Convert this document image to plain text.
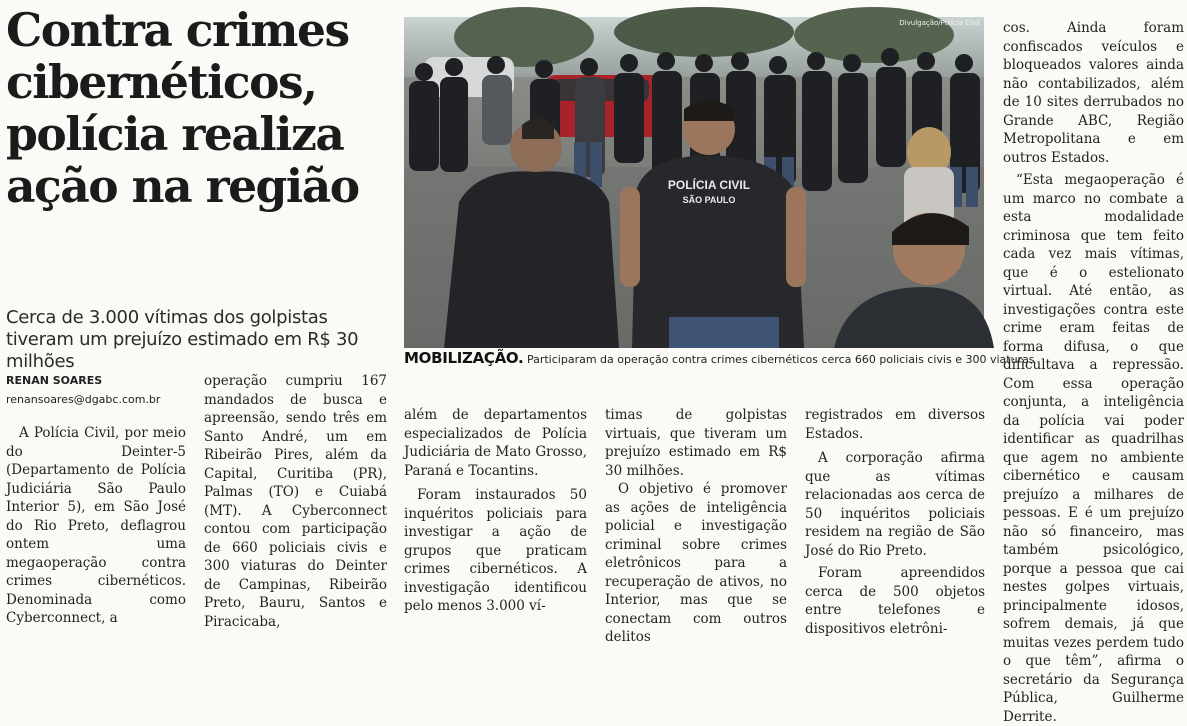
Contra crimes cibernéticos, polícia realiza ação na região

Cerca de 3.000 vítimas dos golpistas tiveram um prejuízo estimado em R$ 30 milhões

RENAN SOARES
renansoares@dgabc.com.br
POLÍCIA CIVIL
SÃO PAULO
Divulgação/Polícia Civil
MOBILIZAÇÃO. Participaram da operação contra crimes cibernéticos cerca 660 policiais civis e 300 viaturas

A Polícia Civil, por meio do Deinter-5 (Departamento de Polícia Judiciária São Paulo Interior 5), em São José do Rio Preto, deflagrou ontem uma megaoperação contra crimes cibernéticos. Denominada como Cyberconnect, a

operação cumpriu 167 mandados de busca e apreensão, sendo três em Santo André, um em Ribeirão Pires, além da Capital, Curitiba (PR), Palmas (TO) e Cuiabá (MT). A Cyberconnect contou com participação de 660 policiais civis e 300 viaturas do Deinter de Campinas, Ribeirão Preto, Bauru, Santos e Piracicaba,

além de departamentos especializados de Polícia Judiciária de Mato Grosso, Paraná e Tocantins.

Foram instaurados 50 inquéritos policiais para investigar a ação de grupos que praticam crimes cibernéticos. A investigação identificou pelo menos 3.000 ví-

timas de golpistas virtuais, que tiveram um prejuízo estimado em R$ 30 milhões.

O objetivo é promover as ações de inteligência policial e investigação criminal sobre crimes eletrônicos para a recuperação de ativos, no Interior, mas que se conectam com outros delitos

registrados em diversos Estados.

A corporação afirma que as vítimas relacionadas aos cerca de 50 inquéritos policiais residem na região de São José do Rio Preto.

Foram apreendidos cerca de 500 objetos entre telefones e dispositivos eletrôni-

cos. Ainda foram confiscados veículos e bloqueados valores ainda não contabilizados, além de 10 sites derrubados no Grande ABC, Região Metropolitana e em outros Estados.

“Esta megaoperação é um marco no combate a esta modalidade criminosa que tem feito cada vez mais vítimas, que é o estelionato virtual. Até então, as investigações contra este crime eram feitas de forma difusa, o que dificultava a repressão. Com essa operação conjunta, a inteligência da polícia vai poder identificar as quadrilhas que agem no ambiente cibernético e causam prejuízo a milhares de pessoas. E é um prejuízo não só financeiro, mas também psicológico, porque a pessoa que cai nestes golpes virtuais, principalmente idosos, sofrem demais, já que muitas vezes perdem tudo o que têm”, afirma o secretário da Segurança Pública, Guilherme Derrite.
